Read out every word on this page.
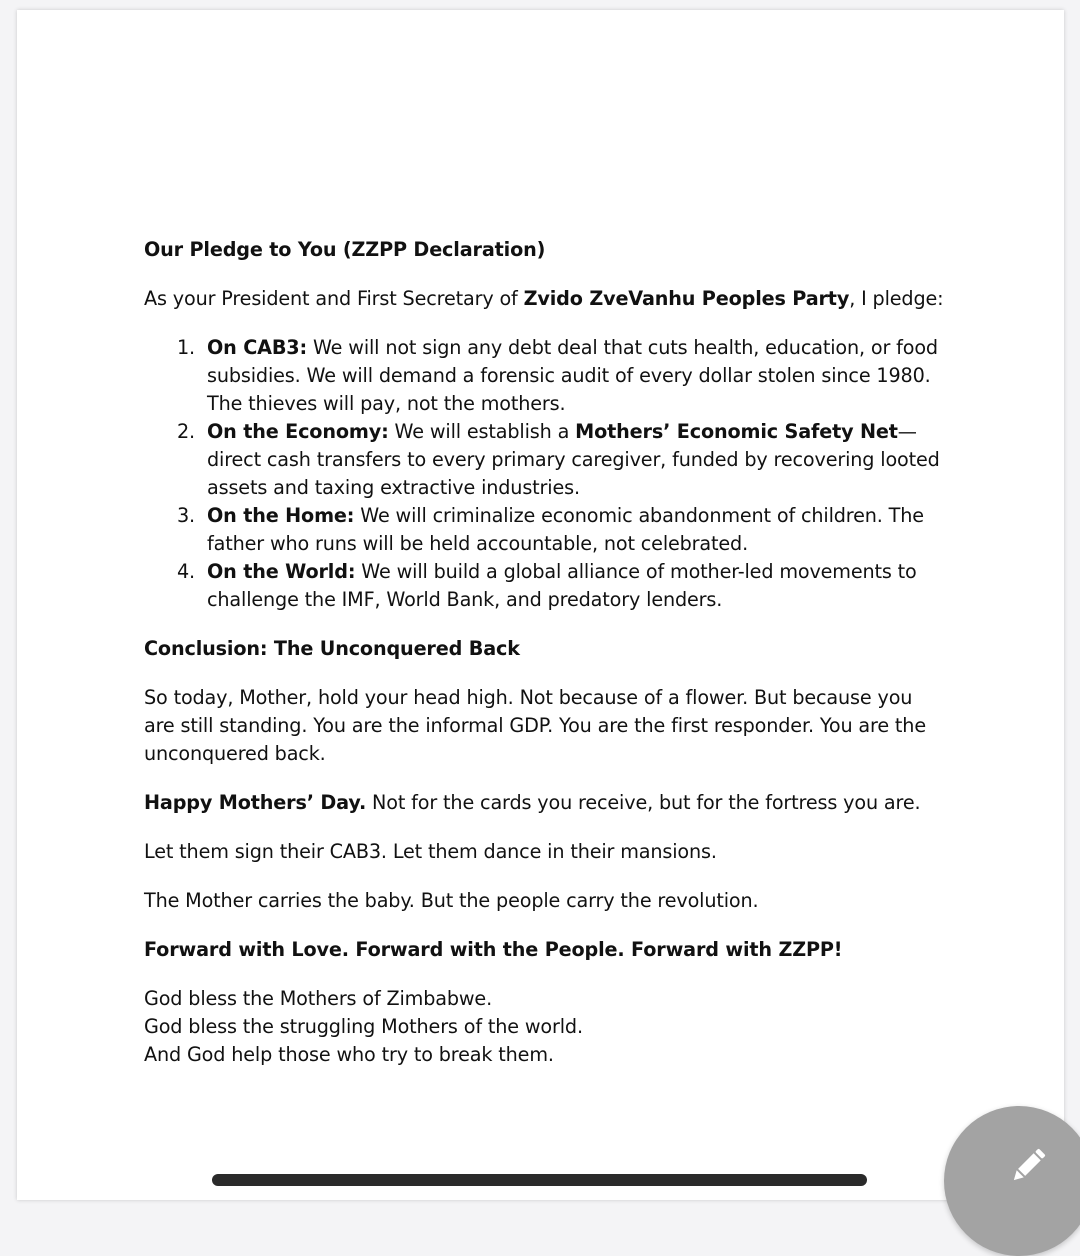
Our Pledge to You (ZZPP Declaration)

As your President and First Secretary of Zvido ZveVanhu Peoples Party, I pledge:

1. On CAB3: We will not sign any debt deal that cuts health, education, or food subsidies. We will demand a forensic audit of every dollar stolen since 1980. The thieves will pay, not the mothers.
2. On the Economy: We will establish a Mothers’ Economic Safety Net—direct cash transfers to every primary caregiver, funded by recovering looted assets and taxing extractive industries.
3. On the Home: We will criminalize economic abandonment of children. The father who runs will be held accountable, not celebrated.
4. On the World: We will build a global alliance of mother-led movements to challenge the IMF, World Bank, and predatory lenders.

Conclusion: The Unconquered Back

So today, Mother, hold your head high. Not because of a flower. But because you are still standing. You are the informal GDP. You are the first responder. You are the unconquered back.

Happy Mothers’ Day. Not for the cards you receive, but for the fortress you are.

Let them sign their CAB3. Let them dance in their mansions.

The Mother carries the baby. But the people carry the revolution.

Forward with Love. Forward with the People. Forward with ZZPP!

God bless the Mothers of Zimbabwe.

God bless the struggling Mothers of the world.

And God help those who try to break them.
